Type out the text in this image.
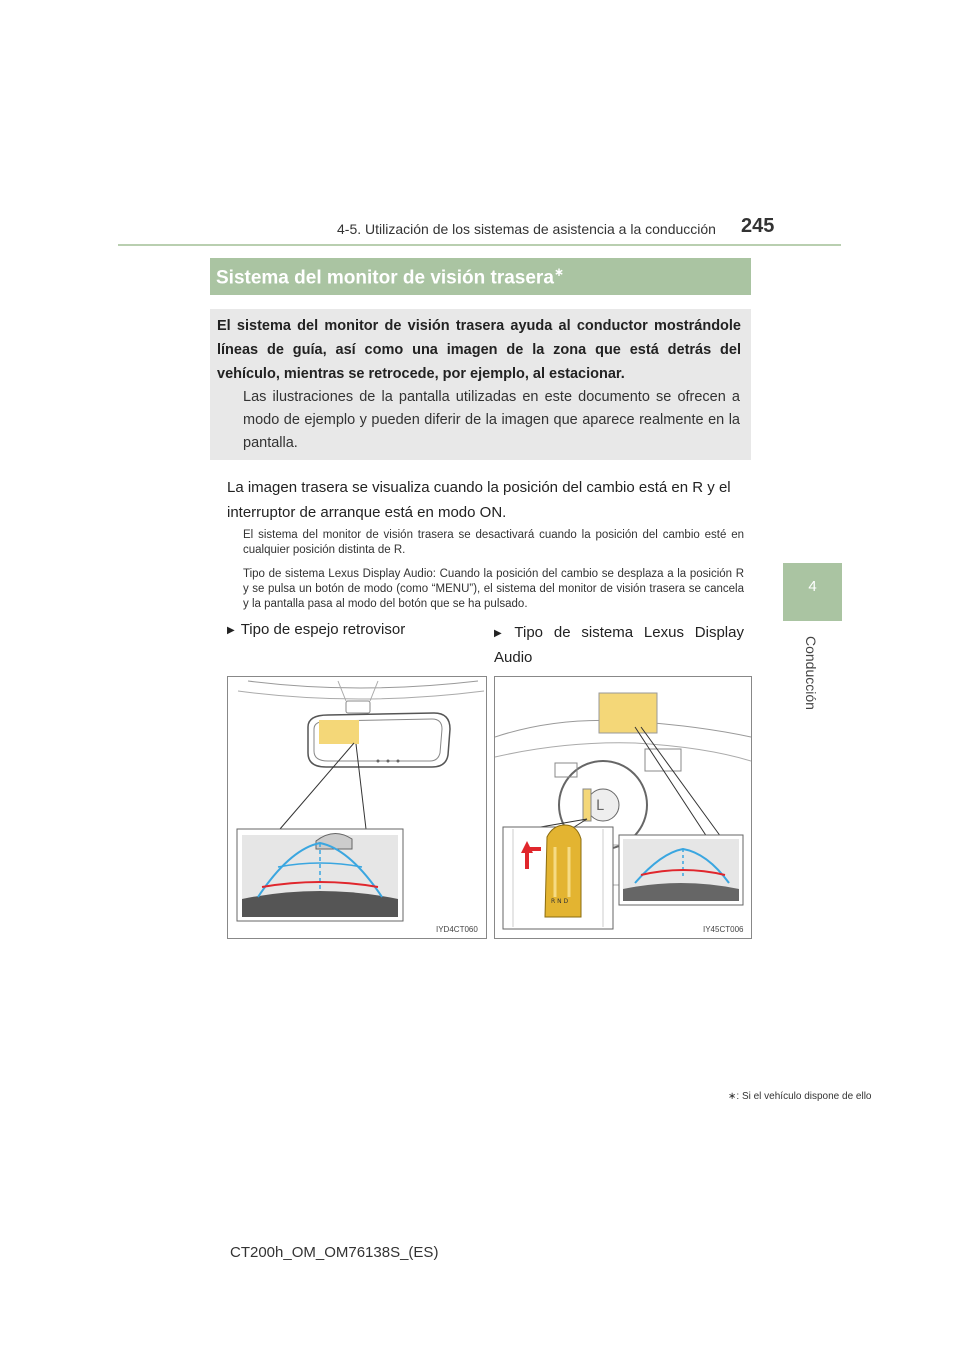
4-5. Utilización de los sistemas de asistencia a la conducción 245
4
Conducción
Sistema del monitor de visión trasera∗
El sistema del monitor de visión trasera ayuda al conductor mostrándole líneas de guía, así como una imagen de la zona que está detrás del vehículo, mientras se retrocede, por ejemplo, al estacionar.
Las ilustraciones de la pantalla utilizadas en este documento se ofrecen a modo de ejemplo y pueden diferir de la imagen que aparece realmente en la pantalla.
La imagen trasera se visualiza cuando la posición del cambio está en R y el interruptor de arranque está en modo ON.
El sistema del monitor de visión trasera se desactivará cuando la posición del cambio esté en cualquier posición distinta de R.
Tipo de sistema Lexus Display Audio: Cuando la posición del cambio se desplaza a la posición R y se pulsa un botón de modo (como “MENU”), el sistema del monitor de visión trasera se cancela y la pantalla pasa al modo del botón que se ha pulsado.
▶ Tipo de espejo retrovisor	▶ Tipo de sistema Lexus Display Audio
IYD4CT060
L
R N D
IY45CT006
∗: Si el vehículo dispone de ello
CT200h_OM_OM76138S_(ES)
